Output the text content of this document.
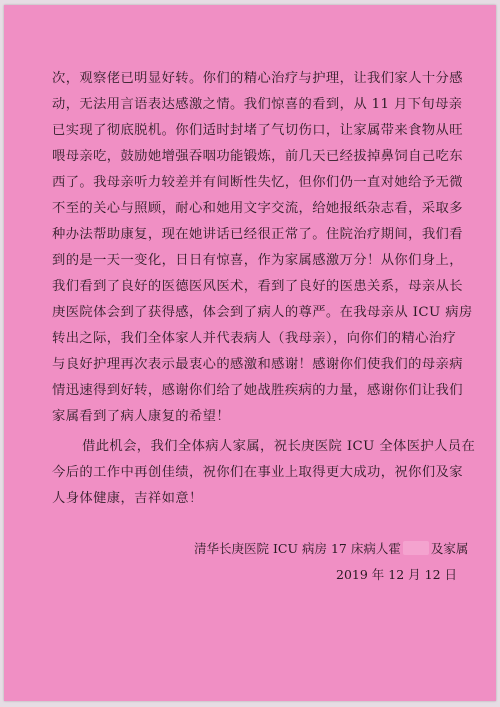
次，观察佬已明显好转。你们的精心治疗与护理，让我们家人十分感
动，无法用言语表达感激之情。我们惊喜的看到，从 11 月下旬母亲
已实现了彻底脱机。你们适时封堵了气切伤口，让家属带来食物从旺
喂母亲吃，鼓励她增强吞咽功能锻炼，前几天已经拔掉鼻饲自己吃东
西了。我母亲听力较差并有间断性失忆，但你们仍一直对她给予无微
不至的关心与照顾，耐心和她用文字交流，给她报纸杂志看，采取多
种办法帮助康复，现在她讲话已经很正常了。住院治疗期间，我们看
到的是一天一变化，日日有惊喜，作为家属感激万分！从你们身上，
我们看到了良好的医德医风医术，看到了良好的医患关系，母亲从长
庚医院体会到了获得感，体会到了病人的尊严。在我母亲从 ICU 病房
转出之际，我们全体家人并代表病人（我母亲），向你们的精心治疗
与良好护理再次表示最衷心的感激和感谢！感谢你们使我们的母亲病
情迅速得到好转，感谢你们给了她战胜疾病的力量，感谢你们让我们
家属看到了病人康复的希望！
借此机会，我们全体病人家属，祝长庚医院 ICU 全体医护人员在
今后的工作中再创佳绩，祝你们在事业上取得更大成功，祝你们及家
人身体健康，吉祥如意！
清华长庚医院 ICU 病房 17 床病人霍 及家属
2019 年 12 月 12 日
